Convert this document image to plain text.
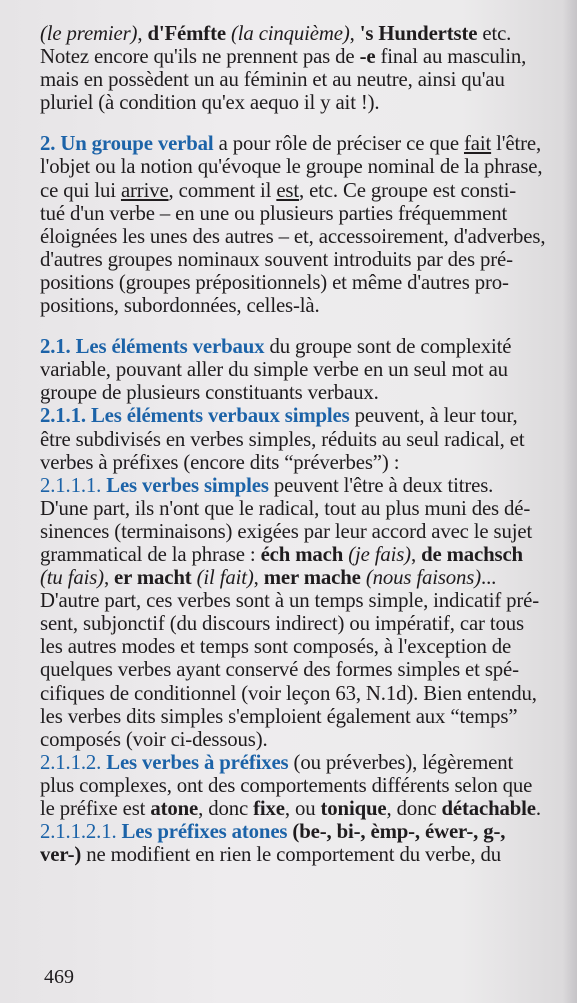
(le premier), d'Fémfte (la cinquième), 's Hundertste etc.
Notez encore qu'ils ne prennent pas de -e final au masculin,
mais en possèdent un au féminin et au neutre, ainsi qu'au
pluriel (à condition qu'ex aequo il y ait !).
2. Un groupe verbal a pour rôle de préciser ce que fait l'être,
l'objet ou la notion qu'évoque le groupe nominal de la phrase,
ce qui lui arrive, comment il est, etc. Ce groupe est consti-
tué d'un verbe – en une ou plusieurs parties fréquemment
éloignées les unes des autres – et, accessoirement, d'adverbes,
d'autres groupes nominaux souvent introduits par des pré-
positions (groupes prépositionnels) et même d'autres pro-
positions, subordonnées, celles-là.
2.1. Les éléments verbaux du groupe sont de complexité
variable, pouvant aller du simple verbe en un seul mot au
groupe de plusieurs constituants verbaux.
2.1.1. Les éléments verbaux simples peuvent, à leur tour,
être subdivisés en verbes simples, réduits au seul radical, et
verbes à préfixes (encore dits “préverbes”) :
2.1.1.1. Les verbes simples peuvent l'être à deux titres.
D'une part, ils n'ont que le radical, tout au plus muni des dé-
sinences (terminaisons) exigées par leur accord avec le sujet
grammatical de la phrase : éch mach (je fais), de machsch
(tu fais), er macht (il fait), mer mache (nous faisons)...
D'autre part, ces verbes sont à un temps simple, indicatif pré-
sent, subjonctif (du discours indirect) ou impératif, car tous
les autres modes et temps sont composés, à l'exception de
quelques verbes ayant conservé des formes simples et spé-
cifiques de conditionnel (voir leçon 63, N.1d). Bien entendu,
les verbes dits simples s'emploient également aux “temps”
composés (voir ci-dessous).
2.1.1.2. Les verbes à préfixes (ou préverbes), légèrement
plus complexes, ont des comportements différents selon que
le préfixe est atone, donc fixe, ou tonique, donc détachable.
2.1.1.2.1. Les préfixes atones (be-, bi-, èmp-, éwer-, g-,
ver-) ne modifient en rien le comportement du verbe, du
469
